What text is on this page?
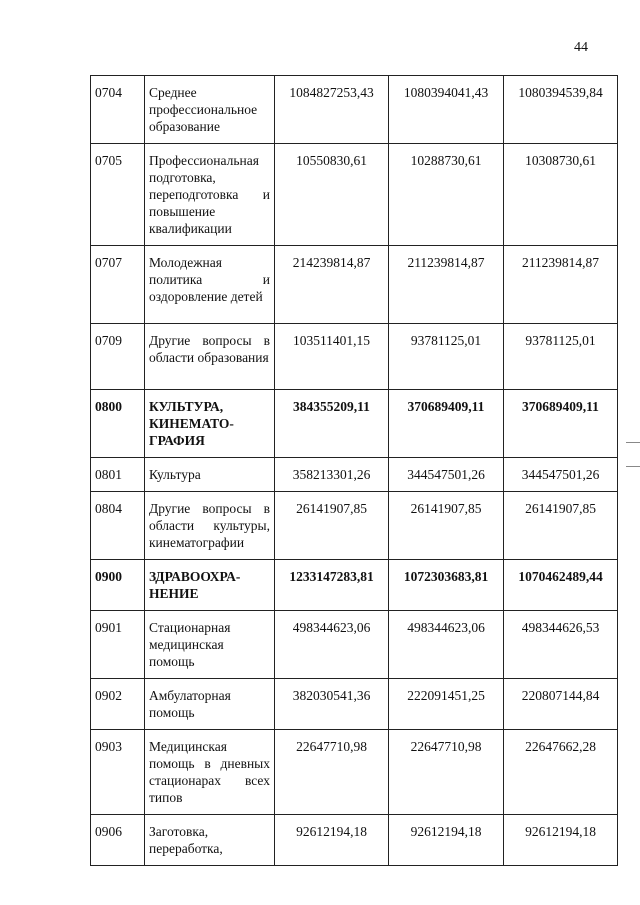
44
0704	Среднее профессиональное образование	1084827253,43	1080394041,43	1080394539,84
0705	Профессиональная подготовка, переподготовка и повышение квалификации	10550830,61	10288730,61	10308730,61
0707	Молодежная политика и оздоровление детей	214239814,87	211239814,87	211239814,87
0709	Другие вопросы в области образования	103511401,15	93781125,01	93781125,01
0800	КУЛЬТУРА, КИНЕМАТО-ГРАФИЯ	384355209,11	370689409,11	370689409,11
0801	Культура	358213301,26	344547501,26	344547501,26
0804	Другие вопросы в области культуры, кинематографии	26141907,85	26141907,85	26141907,85
0900	ЗДРАВООХРА-НЕНИЕ	1233147283,81	1072303683,81	1070462489,44
0901	Стационарная медицинская помощь	498344623,06	498344623,06	498344626,53
0902	Амбулаторная помощь	382030541,36	222091451,25	220807144,84
0903	Медицинская помощь в дневных стационарах всех типов	22647710,98	22647710,98	22647662,28
0906	Заготовка, переработка,	92612194,18	92612194,18	92612194,18
